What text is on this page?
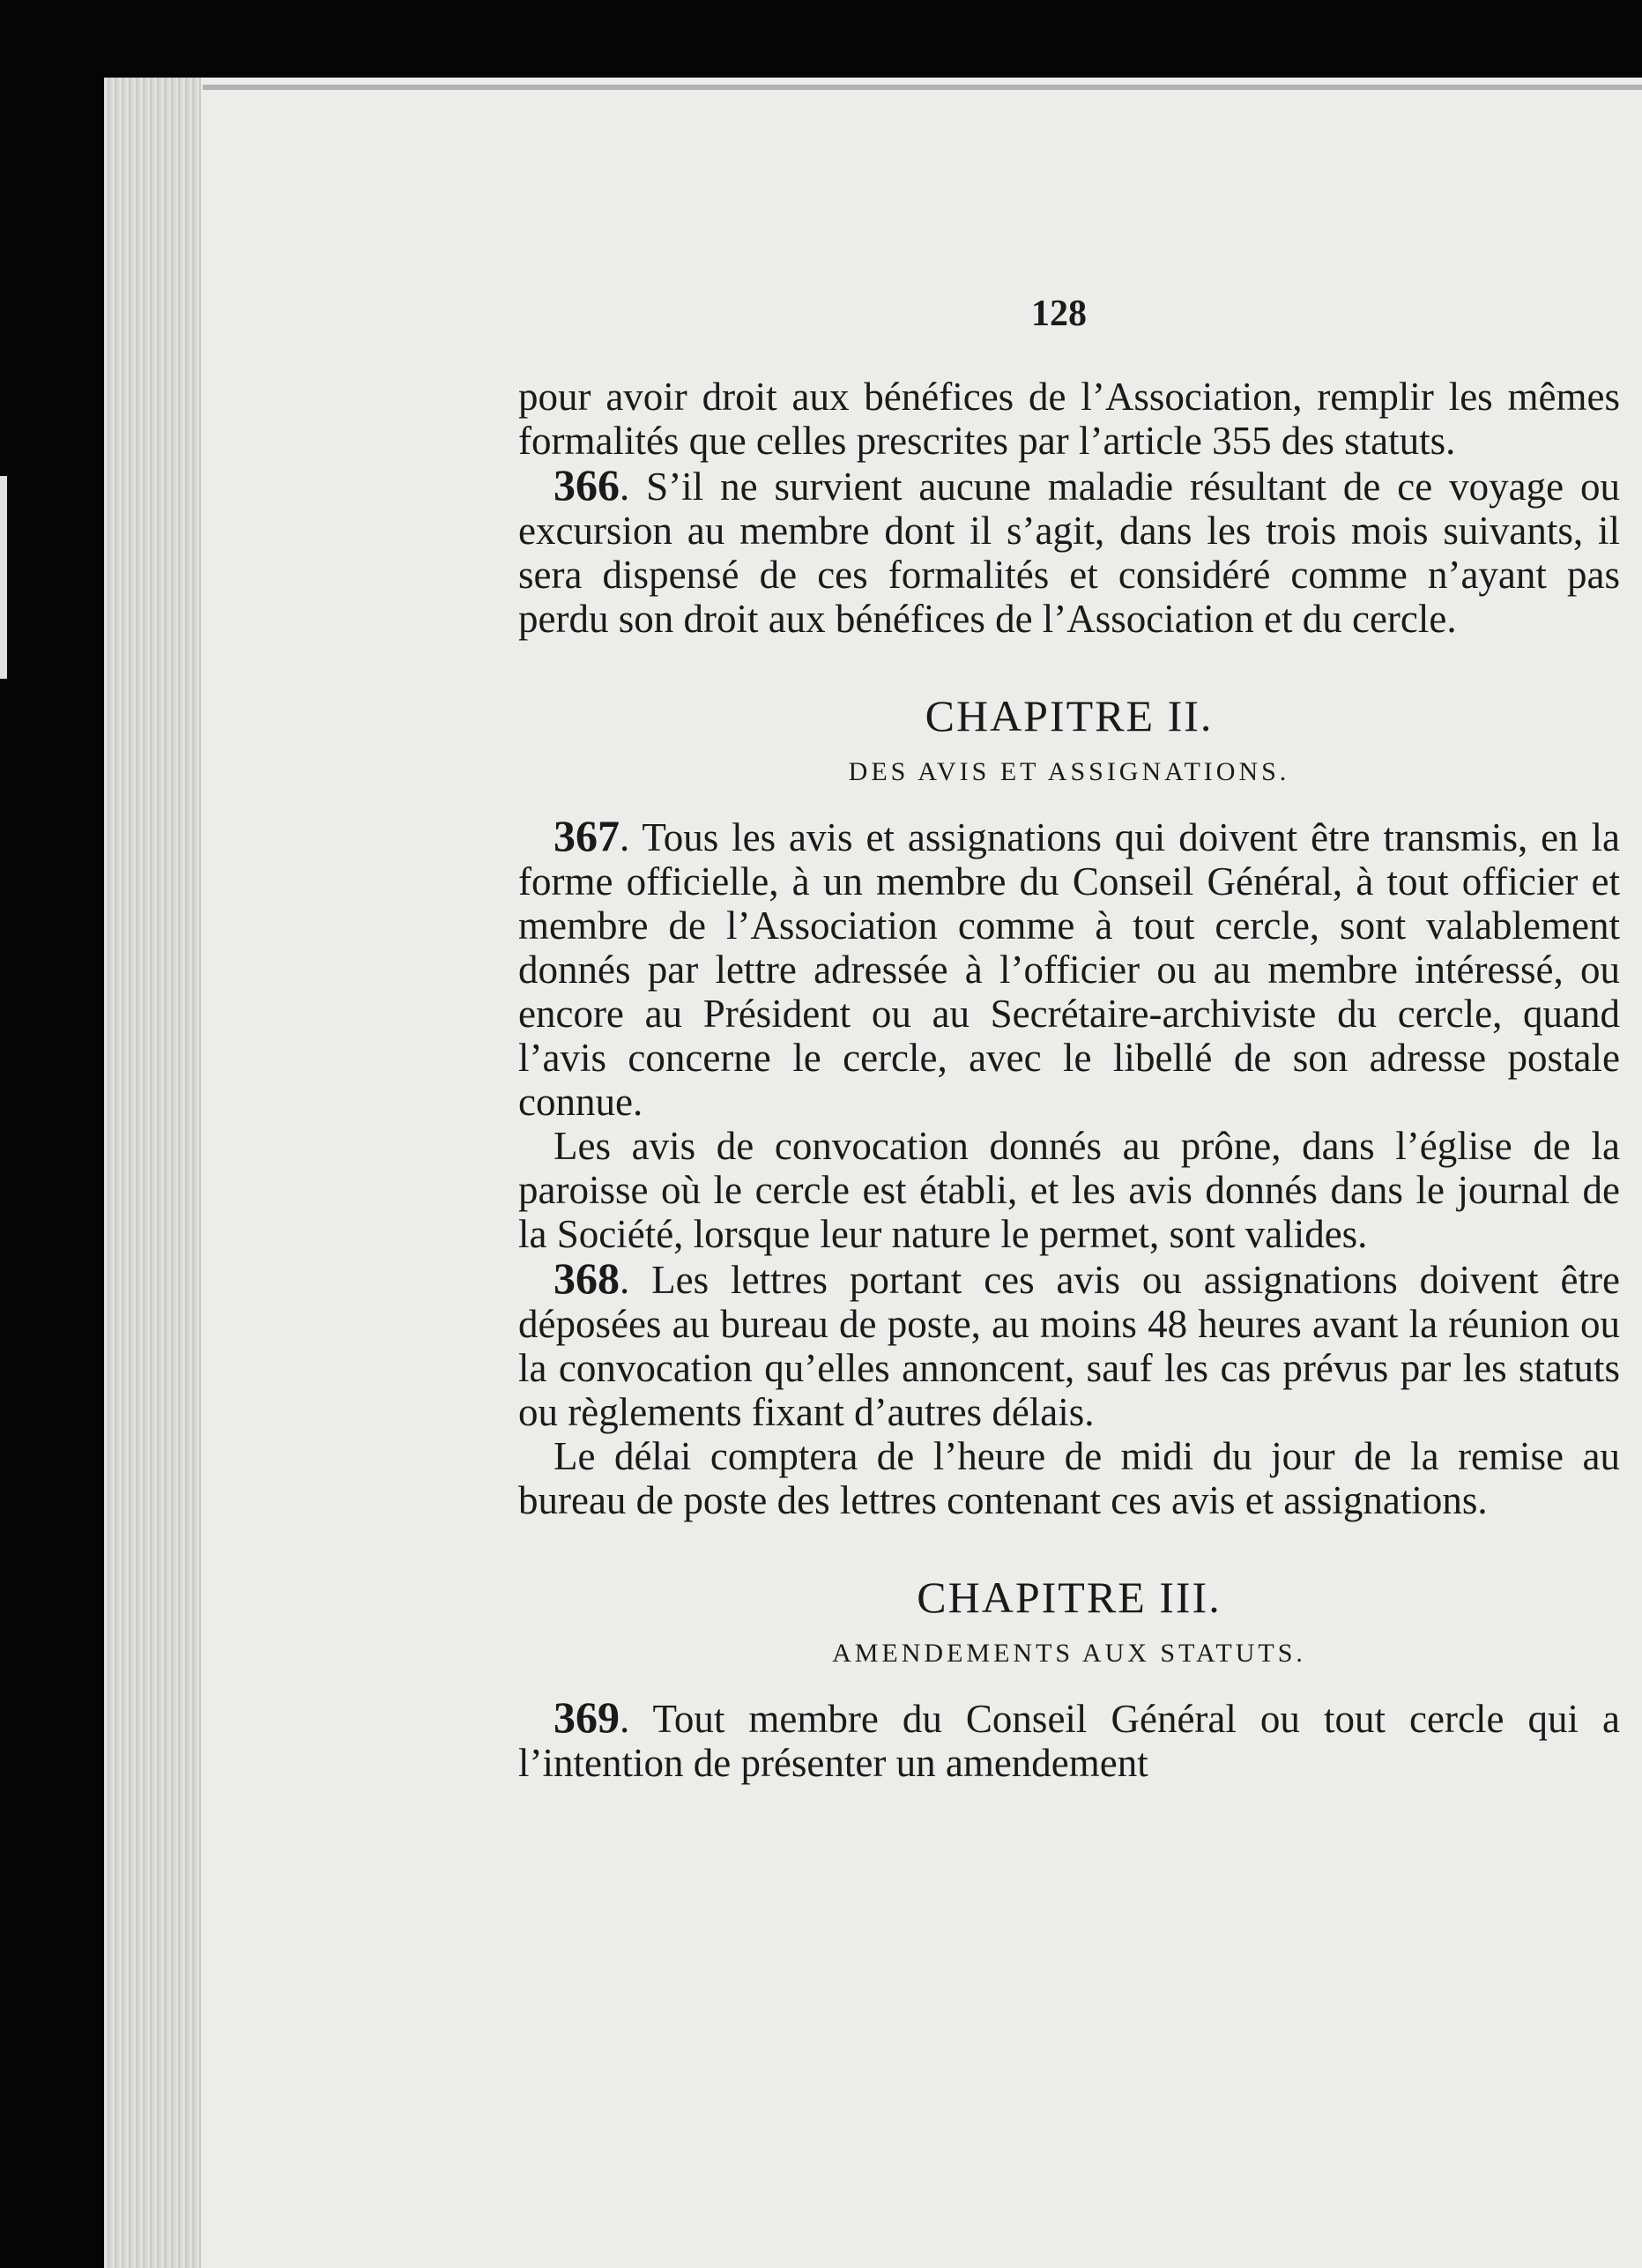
128

pour avoir droit aux bénéfices de l’Association, remplir les mêmes formalités que celles prescrites par l’article 355 des statuts.

366. S’il ne survient aucune maladie résultant de ce voyage ou excursion au membre dont il s’agit, dans les trois mois suivants, il sera dispensé de ces formalités et considéré comme n’ayant pas perdu son droit aux bénéfices de l’Association et du cercle.

CHAPITRE II.
DES AVIS ET ASSIGNATIONS.

367. Tous les avis et assignations qui doivent être transmis, en la forme officielle, à un membre du Conseil Général, à tout officier et membre de l’Association comme à tout cercle, sont valablement donnés par lettre adressée à l’officier ou au membre intéressé, ou encore au Président ou au Secrétaire-archiviste du cercle, quand l’avis concerne le cercle, avec le libellé de son adresse postale connue.

Les avis de convocation donnés au prône, dans l’église de la paroisse où le cercle est établi, et les avis donnés dans le journal de la Société, lorsque leur nature le permet, sont valides.

368. Les lettres portant ces avis ou assignations doivent être déposées au bureau de poste, au moins 48 heures avant la réunion ou la convocation qu’elles annoncent, sauf les cas prévus par les statuts ou règlements fixant d’autres délais.

Le délai comptera de l’heure de midi du jour de la remise au bureau de poste des lettres contenant ces avis et assignations.

CHAPITRE III.
AMENDEMENTS AUX STATUTS.

369. Tout membre du Conseil Général ou tout cercle qui a l’intention de présenter un amendement
